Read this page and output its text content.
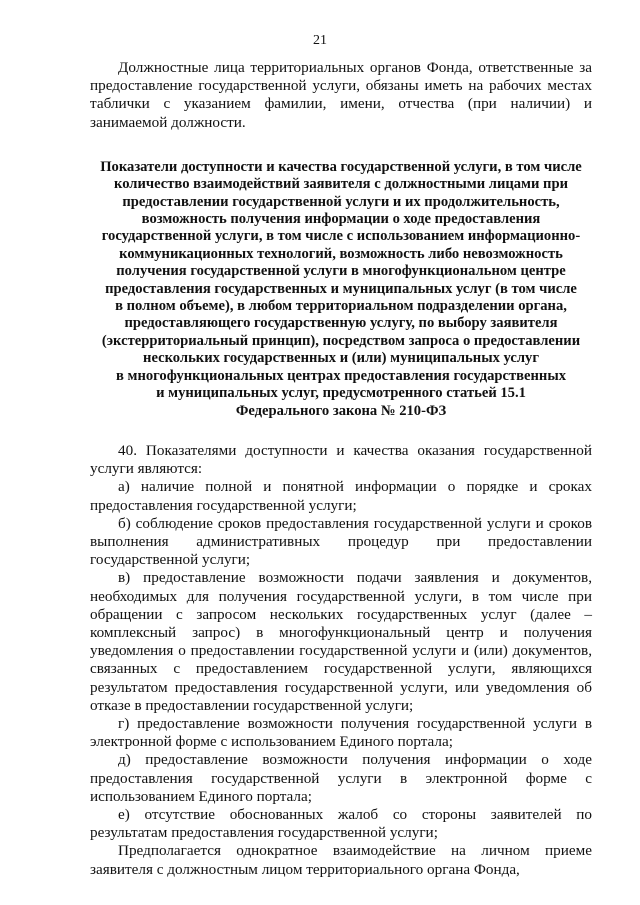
21

Должностные лица территориальных органов Фонда, ответственные за предоставление государственной услуги, обязаны иметь на рабочих местах таблички с указанием фамилии, имени, отчества (при наличии) и занимаемой должности.

Показатели доступности и качества государственной услуги, в том числе
количество взаимодействий заявителя с должностными лицами при
предоставлении государственной услуги и их продолжительность,
возможность получения информации о ходе предоставления
государственной услуги, в том числе с использованием информационно-
коммуникационных технологий, возможность либо невозможность
получения государственной услуги в многофункциональном центре
предоставления государственных и муниципальных услуг (в том числе
в полном объеме), в любом территориальном подразделении органа,
предоставляющего государственную услугу, по выбору заявителя
(экстерриториальный принцип), посредством запроса о предоставлении
нескольких государственных и (или) муниципальных услуг
в многофункциональных центрах предоставления государственных
и муниципальных услуг, предусмотренного статьей 15.1
Федерального закона № 210-ФЗ

40. Показателями доступности и качества оказания государственной услуги являются:

а) наличие полной и понятной информации о порядке и сроках предоставления государственной услуги;

б) соблюдение сроков предоставления государственной услуги и сроков выполнения административных процедур при предоставлении государственной услуги;

в) предоставление возможности подачи заявления и документов, необходимых для получения государственной услуги, в том числе при обращении с запросом нескольких государственных услуг (далее – комплексный запрос) в многофункциональный центр и получения уведомления о предоставлении государственной услуги и (или) документов, связанных с предоставлением государственной услуги, являющихся результатом предоставления государственной услуги, или уведомления об отказе в предоставлении государственной услуги;

г) предоставление возможности получения государственной услуги в электронной форме с использованием Единого портала;

д) предоставление возможности получения информации о ходе предоставления государственной услуги в электронной форме с использованием Единого портала;

е) отсутствие обоснованных жалоб со стороны заявителей по результатам предоставления государственной услуги;

Предполагается однократное взаимодействие на личном приеме заявителя с должностным лицом территориального органа Фонда,
